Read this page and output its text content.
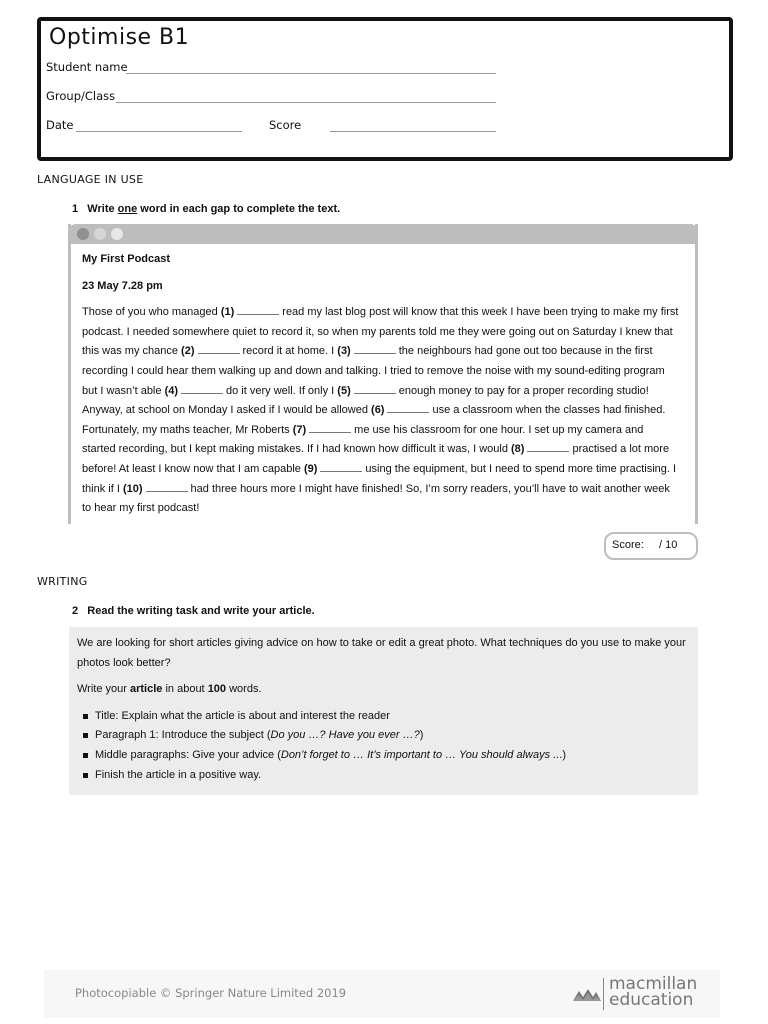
Optimise B1
Student name
Group/Class
Date	Score
LANGUAGE IN USE
1 Write one word in each gap to complete the text.

My First Podcast

23 May 7.28 pm

Those of you who managed (1)	read my last blog post will know that this week I have been trying to make my first podcast. I needed somewhere quiet to record it, so when my parents told me they were going out on Saturday I knew that this was my chance (2)	record it at home. I (3)	the neighbours had gone out too because in the first recording I could hear them walking up and down and talking. I tried to remove the noise with my sound-editing program but I wasn’t able (4)	do it very well. If only I (5)	enough money to pay for a proper recording studio! Anyway, at school on Monday I asked if I would be allowed (6)	use a classroom when the classes had finished. Fortunately, my maths teacher, Mr Roberts (7)	me use his classroom for one hour. I set up my camera and started recording, but I kept making mistakes. If I had known how difficult it was, I would (8)	practised a lot more before! At least I know now that I am capable (9)	using the equipment, but I need to spend more time practising. I think if I (10)	had three hours more I might have finished! So, I’m sorry readers, you’ll have to wait another week to hear my first podcast!

Score: / 10
WRITING
2 Read the writing task and write your article.

We are looking for short articles giving advice on how to take or edit a great photo. What techniques do you use to make your photos look better?

Write your article in about 100 words.

Title: Explain what the article is about and interest the reader
Paragraph 1: Introduce the subject (Do you …? Have you ever …?)
Middle paragraphs: Give your advice (Don’t forget to … It’s important to … You should always ...)
Finish the article in a positive way.
Photocopiable © Springer Nature Limited 2019	macmillan
education
